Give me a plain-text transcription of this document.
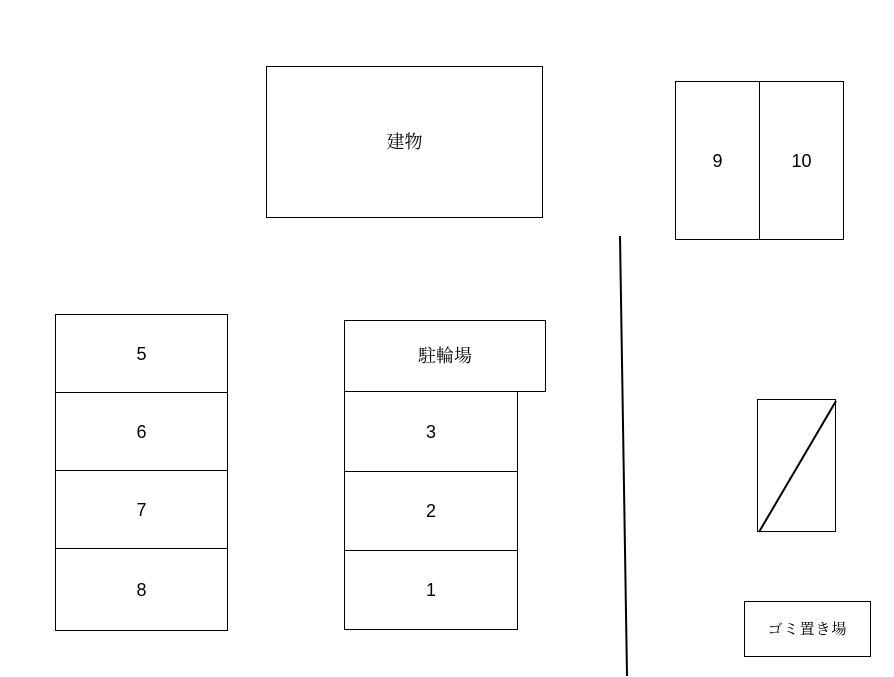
建物
9	10
5
6
7
8
駐輪場
3
2
1
ゴミ置き場
